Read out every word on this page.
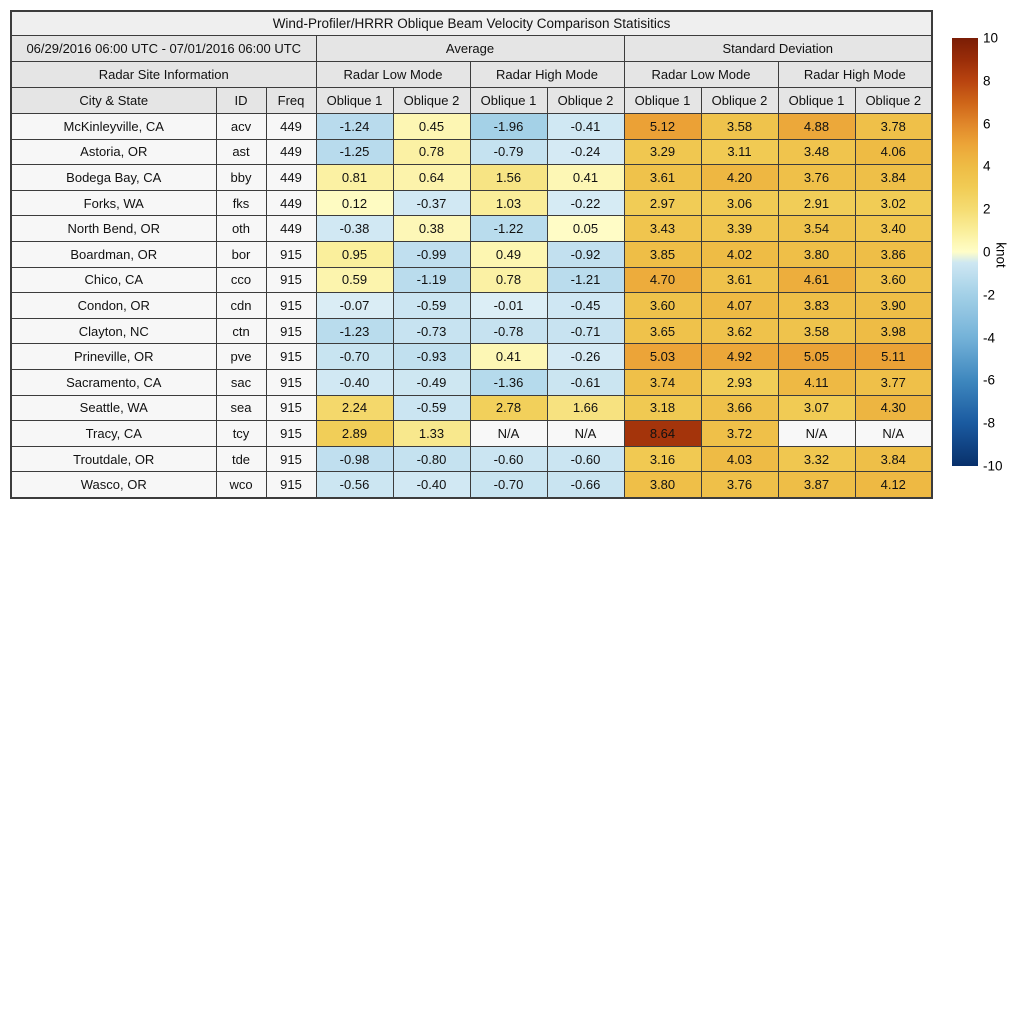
Wind-Profiler/HRRR Oblique Beam Velocity Comparison Statisitics										
06/29/2016 06:00 UTC - 07/01/2016 06:00 UTC			Average				Standard Deviation			
Radar Site Information			Radar Low Mode		Radar High Mode		Radar Low Mode		Radar High Mode	
City & State	ID	Freq	Oblique 1	Oblique 2	Oblique 1	Oblique 2	Oblique 1	Oblique 2	Oblique 1	Oblique 2
McKinleyville, CA	acv	449	-1.24	0.45	-1.96	-0.41	5.12	3.58	4.88	3.78
Astoria, OR	ast	449	-1.25	0.78	-0.79	-0.24	3.29	3.11	3.48	4.06
Bodega Bay, CA	bby	449	0.81	0.64	1.56	0.41	3.61	4.20	3.76	3.84
Forks, WA	fks	449	0.12	-0.37	1.03	-0.22	2.97	3.06	2.91	3.02
North Bend, OR	oth	449	-0.38	0.38	-1.22	0.05	3.43	3.39	3.54	3.40
Boardman, OR	bor	915	0.95	-0.99	0.49	-0.92	3.85	4.02	3.80	3.86
Chico, CA	cco	915	0.59	-1.19	0.78	-1.21	4.70	3.61	4.61	3.60
Condon, OR	cdn	915	-0.07	-0.59	-0.01	-0.45	3.60	4.07	3.83	3.90
Clayton, NC	ctn	915	-1.23	-0.73	-0.78	-0.71	3.65	3.62	3.58	3.98
Prineville, OR	pve	915	-0.70	-0.93	0.41	-0.26	5.03	4.92	5.05	5.11
Sacramento, CA	sac	915	-0.40	-0.49	-1.36	-0.61	3.74	2.93	4.11	3.77
Seattle, WA	sea	915	2.24	-0.59	2.78	1.66	3.18	3.66	3.07	4.30
Tracy, CA	tcy	915	2.89	1.33	N/A	N/A	8.64	3.72	N/A	N/A
Troutdale, OR	tde	915	-0.98	-0.80	-0.60	-0.60	3.16	4.03	3.32	3.84
Wasco, OR	wco	915	-0.56	-0.40	-0.70	-0.66	3.80	3.76	3.87	4.12
10
8
6
4
2
0
-2
-4
-6
-8
-10
knot
